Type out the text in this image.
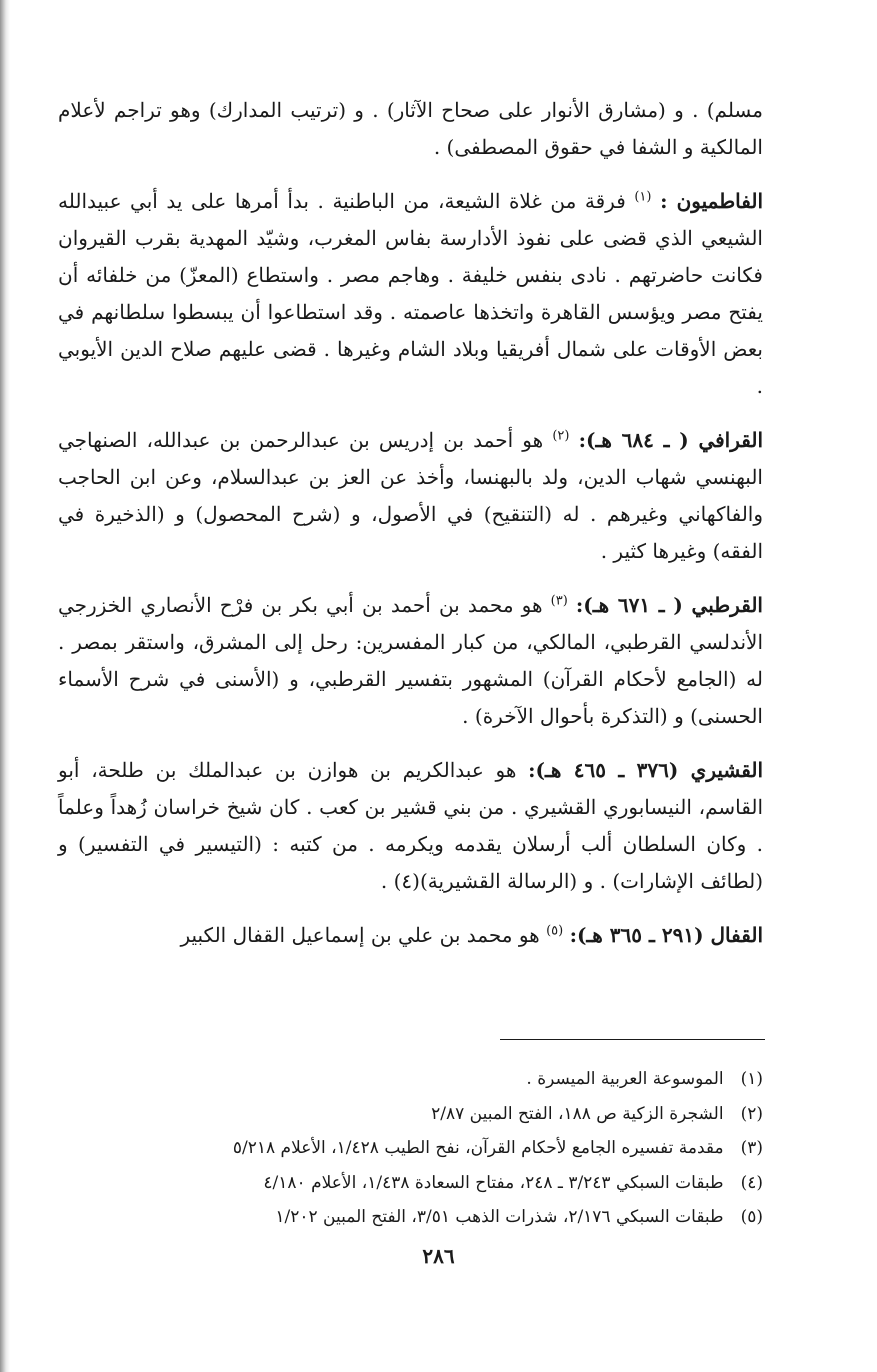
مسلم) . و (مشارق الأنوار على صحاح الآثار) . و (ترتيب المدارك) وهو تراجم لأعلام المالكية و الشفا في حقوق المصطفى) .

الفاطميون : $^{(١)}$ فرقة من غلاة الشيعة، من الباطنية . بدأ أمرها على يد أبي عبيدالله الشيعي الذي قضى على نفوذ الأدارسة بفاس المغرب، وشيّد المهدية بقرب القيروان فكانت حاضرتهم . نادى بنفس خليفة . وهاجم مصر . واستطاع (المعزّ) من خلفائه أن يفتح مصر ويؤسس القاهرة واتخذها عاصمته . وقد استطاعوا أن يبسطوا سلطانهم في بعض الأوقات على شمال أفريقيا وبلاد الشام وغيرها . قضى عليهم صلاح الدين الأيوبي .

القرافي ( ـ ٦٨٤ هـ): $^{(٢)}$ هو أحمد بن إدريس بن عبدالرحمن بن عبدالله، الصنهاجي البهنسي شهاب الدين، ولد بالبهنسا، وأخذ عن العز بن عبدالسلام، وعن ابن الحاجب والفاكهاني وغيرهم . له (التنقيح) في الأصول، و (شرح المحصول) و (الذخيرة في الفقه) وغيرها كثير .

القرطبي ( ـ ٦٧١ هـ): $^{(٣)}$ هو محمد بن أحمد بن أبي بكر بن فرْح الأنصاري الخزرجي الأندلسي القرطبي، المالكي، من كبار المفسرين: رحل إلى المشرق، واستقر بمصر . له (الجامع لأحكام القرآن) المشهور بتفسير القرطبي، و (الأسنى في شرح الأسماء الحسنى) و (التذكرة بأحوال الآخرة) .

القشيري (٣٧٦ ـ ٤٦٥ هـ): هو عبدالكريم بن هوازن بن عبدالملك بن طلحة، أبو القاسم، النيسابوري القشيري . من بني قشير بن كعب . كان شيخ خراسان زُهداً وعلماً . وكان السلطان ألب أرسلان يقدمه ويكرمه . من كتبه : (التيسير في التفسير) و (لطائف الإشارات) . و (الرسالة القشيرية)(٤) .

القفال (٢٩١ ـ ٣٦٥ هـ): $^{(٥)}$ هو محمد بن علي بن إسماعيل القفال الكبير

(١) الموسوعة العربية الميسرة .
(٢) الشجرة الزكية ص ١٨٨، الفتح المبين ٢/٨٧
(٣) مقدمة تفسيره الجامع لأحكام القرآن، نفح الطيب ١/٤٢٨، الأعلام ٥/٢١٨
(٤) طبقات السبكي ٣/٢٤٣ ـ ٢٤٨، مفتاح السعادة ١/٤٣٨، الأعلام ٤/١٨٠
(٥) طبقات السبكي ٢/١٧٦، شذرات الذهب ٣/٥١، الفتح المبين ١/٢٠٢
٢٨٦
